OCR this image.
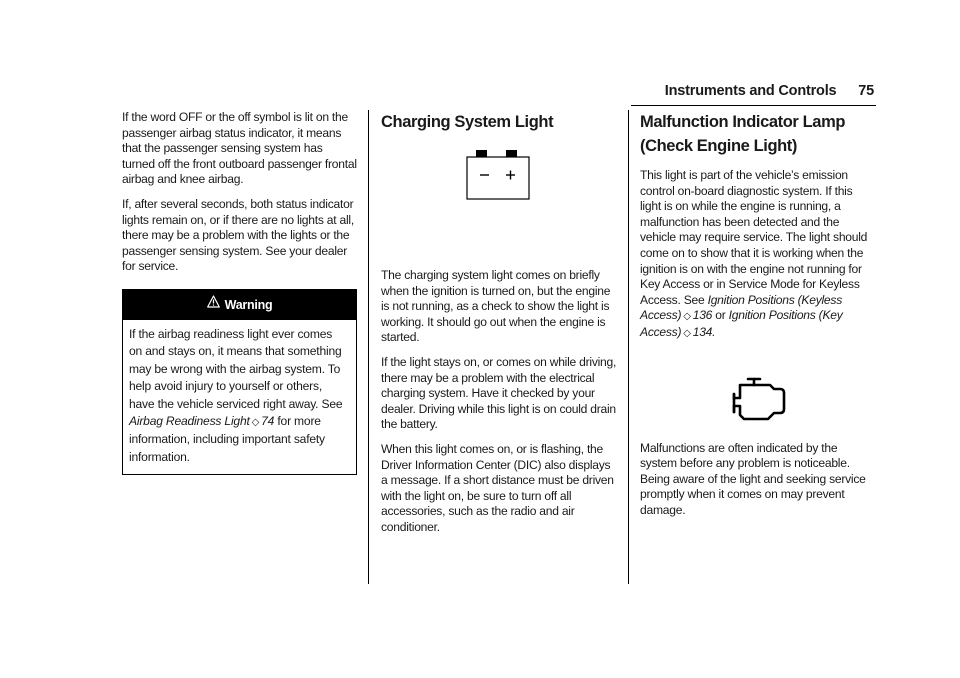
Instruments and Controls 75

If the word OFF or the off symbol is lit on the passenger airbag status indicator, it means that the passenger sensing system has turned off the front outboard passenger frontal airbag and knee airbag.

If, after several seconds, both status indicator lights remain on, or if there are no lights at all, there may be a problem with the lights or the passenger sensing system. See your dealer for service.

Warning
If the airbag readiness light ever comes on and stays on, it means that something may be wrong with the airbag system. To help avoid injury to yourself or others, have the vehicle serviced right away. See Airbag Readiness Light ◇ 74 for more information, including important safety information.
Charging System Light

The charging system light comes on briefly when the ignition is turned on, but the engine is not running, as a check to show the light is working. It should go out when the engine is started.

If the light stays on, or comes on while driving, there may be a problem with the electrical charging system. Have it checked by your dealer. Driving while this light is on could drain the battery.

When this light comes on, or is flashing, the Driver Information Center (DIC) also displays a message. If a short distance must be driven with the light on, be sure to turn off all accessories, such as the radio and air conditioner.

Malfunction Indicator Lamp (Check Engine Light)

This light is part of the vehicle’s emission control on-board diagnostic system. If this light is on while the engine is running, a malfunction has been detected and the vehicle may require service. The light should come on to show that it is working when the ignition is on with the engine not running for Key Access or in Service Mode for Keyless Access. See Ignition Positions (Keyless Access) ◇ 136 or Ignition Positions (Key Access) ◇ 134.

Malfunctions are often indicated by the system before any problem is noticeable. Being aware of the light and seeking service promptly when it comes on may prevent damage.
